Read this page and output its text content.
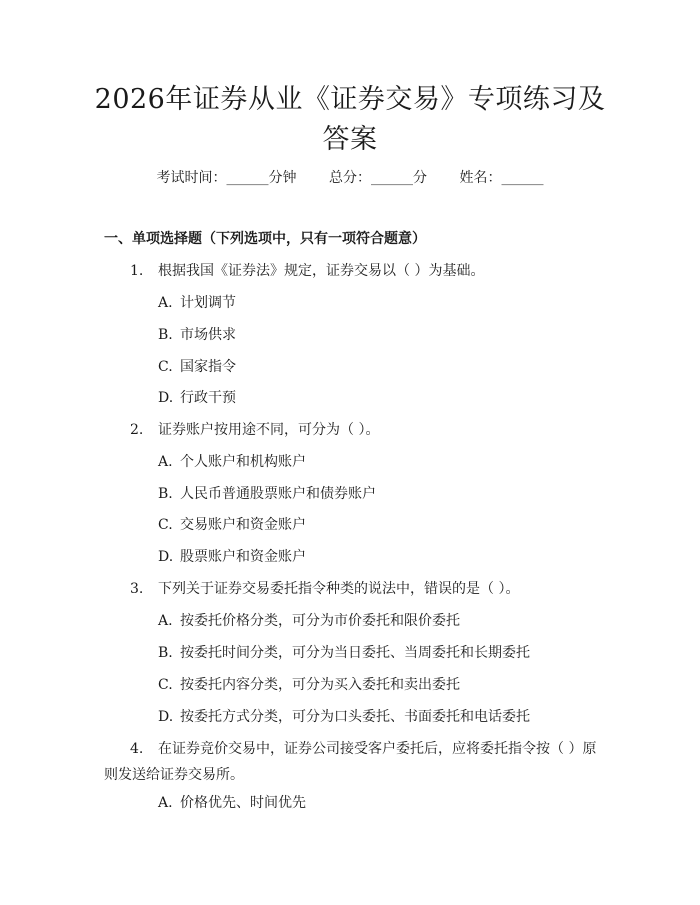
2026年证券从业《证券交易》专项练习及答案
考试时间：______分钟 总分：______分 姓名：______
一、单项选择题（下列选项中，只有一项符合题意）
1. 根据我国《证券法》规定，证券交易以（ ）为基础。
A. 计划调节
B. 市场供求
C. 国家指令
D. 行政干预
2. 证券账户按用途不同，可分为（ ）。
A. 个人账户和机构账户
B. 人民币普通股票账户和债券账户
C. 交易账户和资金账户
D. 股票账户和资金账户
3. 下列关于证券交易委托指令种类的说法中，错误的是（ ）。
A. 按委托价格分类，可分为市价委托和限价委托
B. 按委托时间分类，可分为当日委托、当周委托和长期委托
C. 按委托内容分类，可分为买入委托和卖出委托
D. 按委托方式分类，可分为口头委托、书面委托和电话委托
4. 在证券竞价交易中，证券公司接受客户委托后，应将委托指令按（ ）原则发送给证券交易所。
A. 价格优先、时间优先
